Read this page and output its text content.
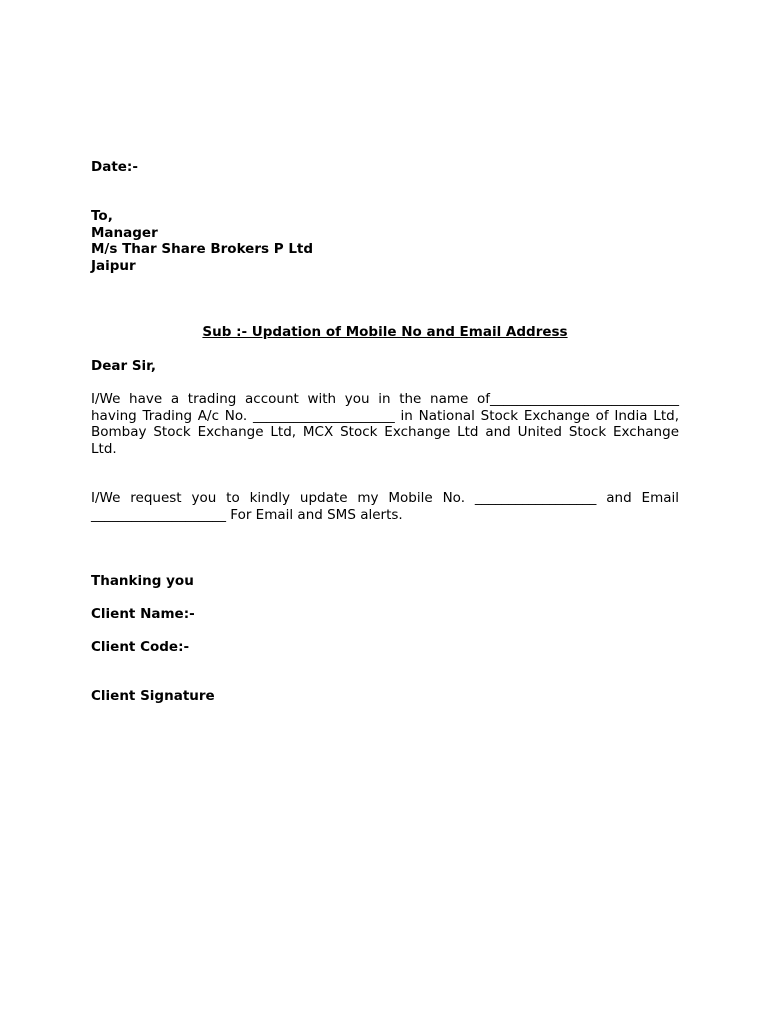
Date:-
To,
Manager
M/s Thar Share Brokers P Ltd
Jaipur
Sub :- Updation of Mobile No and Email Address
Dear Sir,
I/We have a trading account with you in the name of____________________________
having Trading A/c No. _____________________ in National Stock Exchange of India Ltd,
Bombay Stock Exchange Ltd, MCX Stock Exchange Ltd and United Stock Exchange
Ltd.
I/We request you to kindly update my Mobile No. __________________ and Email
____________________ For Email and SMS alerts.
Thanking you
Client Name:-
Client Code:-
Client Signature
